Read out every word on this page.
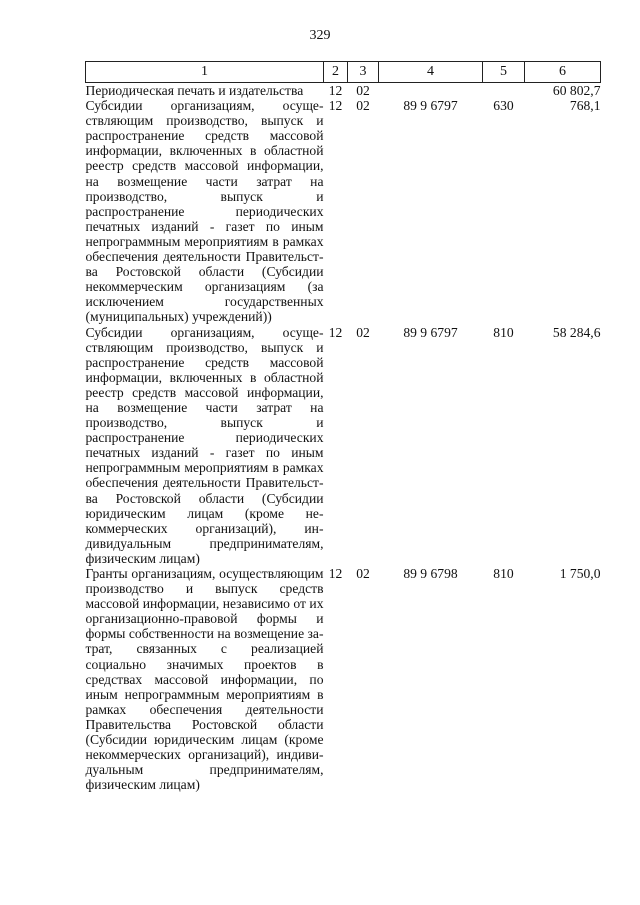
329
1	2	3	4	5	6
Периодическая печать и издательства	12	02			60 802,7
Субсидии организациям, осуществляющим производство, выпуск и распространение средств массовой информации, включенных в областной реестр средств массовой информации, на возмещение части затрат на производство, выпуск и распространение периодических печатных изданий - газет по иным непрограммным мероприятиям в рамках обеспечения деятельности Правительства Ростовской области (Субсидии некоммерческим организациям (за исключением государственных (муниципальных) учреждений))	12	02	89 9 6797	630	768,1
Субсидии организациям, осуществляющим производство, выпуск и распространение средств массовой информации, включенных в областной реестр средств массовой информации, на возмещение части затрат на производство, выпуск и распространение периодических печатных изданий - газет по иным непрограммным мероприятиям в рамках обеспечения деятельности Правительства Ростовской области (Субсидии юридическим лицам (кроме некоммерческих организаций), индивидуальным предпринимателям, физическим лицам)	12	02	89 9 6797	810	58 284,6
Гранты организациям, осуществляющим производство и выпуск средств массовой информации, независимо от их организационно-правовой формы и формы собственности на возмещение затрат, связанных с реализацией социально значимых проектов в средствах массовой информации, по иным непрограммным мероприятиям в рамках обеспечения деятельности Правительства Ростовской области (Субсидии юридическим лицам (кроме некоммерческих организаций), индивидуальным предпринимателям, физическим лицам)	12	02	89 9 6798	810	1 750,0
